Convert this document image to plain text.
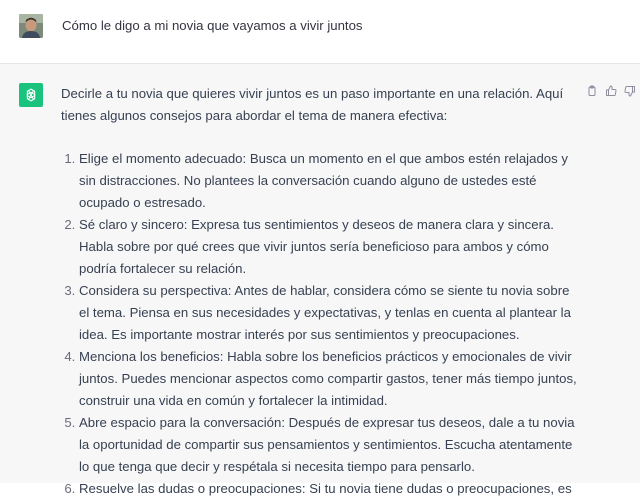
Cómo le digo a mi novia que vayamos a vivir juntos

Decirle a tu novia que quieres vivir juntos es un paso importante en una relación. Aquí tienes algunos consejos para abordar el tema de manera efectiva:

1. Elige el momento adecuado: Busca un momento en el que ambos estén relajados y sin distracciones. No plantees la conversación cuando alguno de ustedes esté ocupado o estresado.
2. Sé claro y sincero: Expresa tus sentimientos y deseos de manera clara y sincera. Habla sobre por qué crees que vivir juntos sería beneficioso para ambos y cómo podría fortalecer su relación.
3. Considera su perspectiva: Antes de hablar, considera cómo se siente tu novia sobre el tema. Piensa en sus necesidades y expectativas, y tenlas en cuenta al plantear la idea. Es importante mostrar interés por sus sentimientos y preocupaciones.
4. Menciona los beneficios: Habla sobre los beneficios prácticos y emocionales de vivir juntos. Puedes mencionar aspectos como compartir gastos, tener más tiempo juntos, construir una vida en común y fortalecer la intimidad.
5. Abre espacio para la conversación: Después de expresar tus deseos, dale a tu novia la oportunidad de compartir sus pensamientos y sentimientos. Escucha atentamente lo que tenga que decir y respétala si necesita tiempo para pensarlo.
6. Resuelve las dudas o preocupaciones: Si tu novia tiene dudas o preocupaciones, es
